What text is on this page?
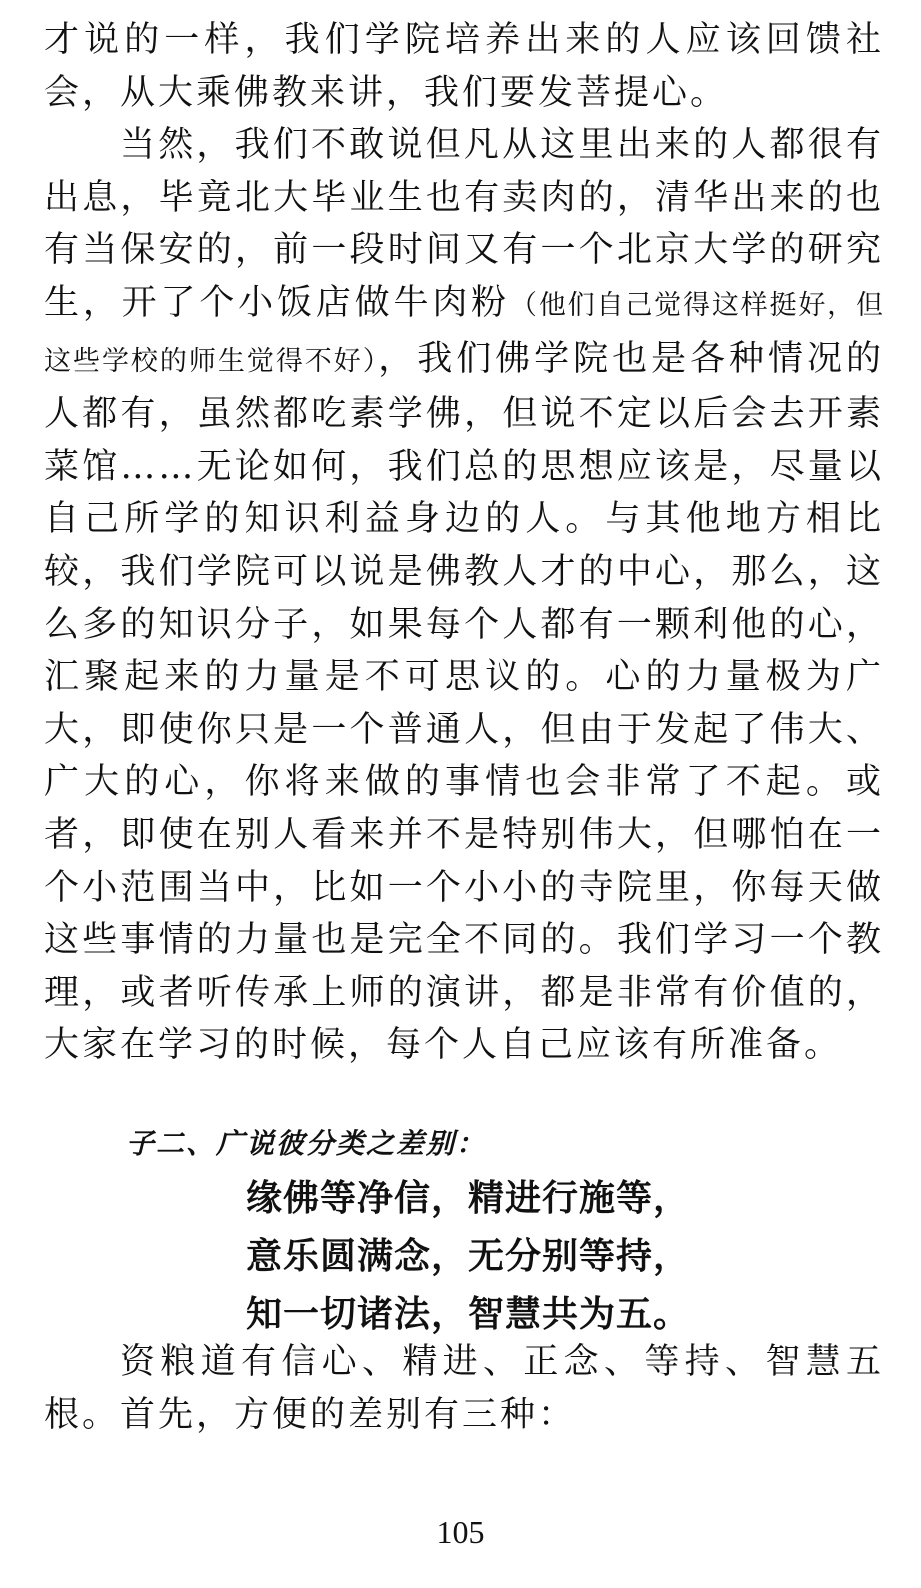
才说的一样，我们学院培养出来的人应该回馈社会，从大乘佛教来讲，我们要发菩提心。

当然，我们不敢说但凡从这里出来的人都很有出息，毕竟北大毕业生也有卖肉的，清华出来的也有当保安的，前一段时间又有一个北京大学的研究生，开了个小饭店做牛肉粉（他们自己觉得这样挺好，但这些学校的师生觉得不好），我们佛学院也是各种情况的人都有，虽然都吃素学佛，但说不定以后会去开素菜馆……无论如何，我们总的思想应该是，尽量以自己所学的知识利益身边的人。与其他地方相比较，我们学院可以说是佛教人才的中心，那么，这么多的知识分子，如果每个人都有一颗利他的心，汇聚起来的力量是不可思议的。心的力量极为广大，即使你只是一个普通人，但由于发起了伟大、广大的心，你将来做的事情也会非常了不起。或者，即使在别人看来并不是特别伟大，但哪怕在一个小范围当中，比如一个小小的寺院里，你每天做这些事情的力量也是完全不同的。我们学习一个教理，或者听传承上师的演讲，都是非常有价值的，大家在学习的时候，每个人自己应该有所准备。

子二、广说彼分类之差别：

缘佛等净信，精进行施等，

意乐圆满念，无分别等持，

知一切诸法，智慧共为五。

资粮道有信心、精进、正念、等持、智慧五根。首先，方便的差别有三种：

105
